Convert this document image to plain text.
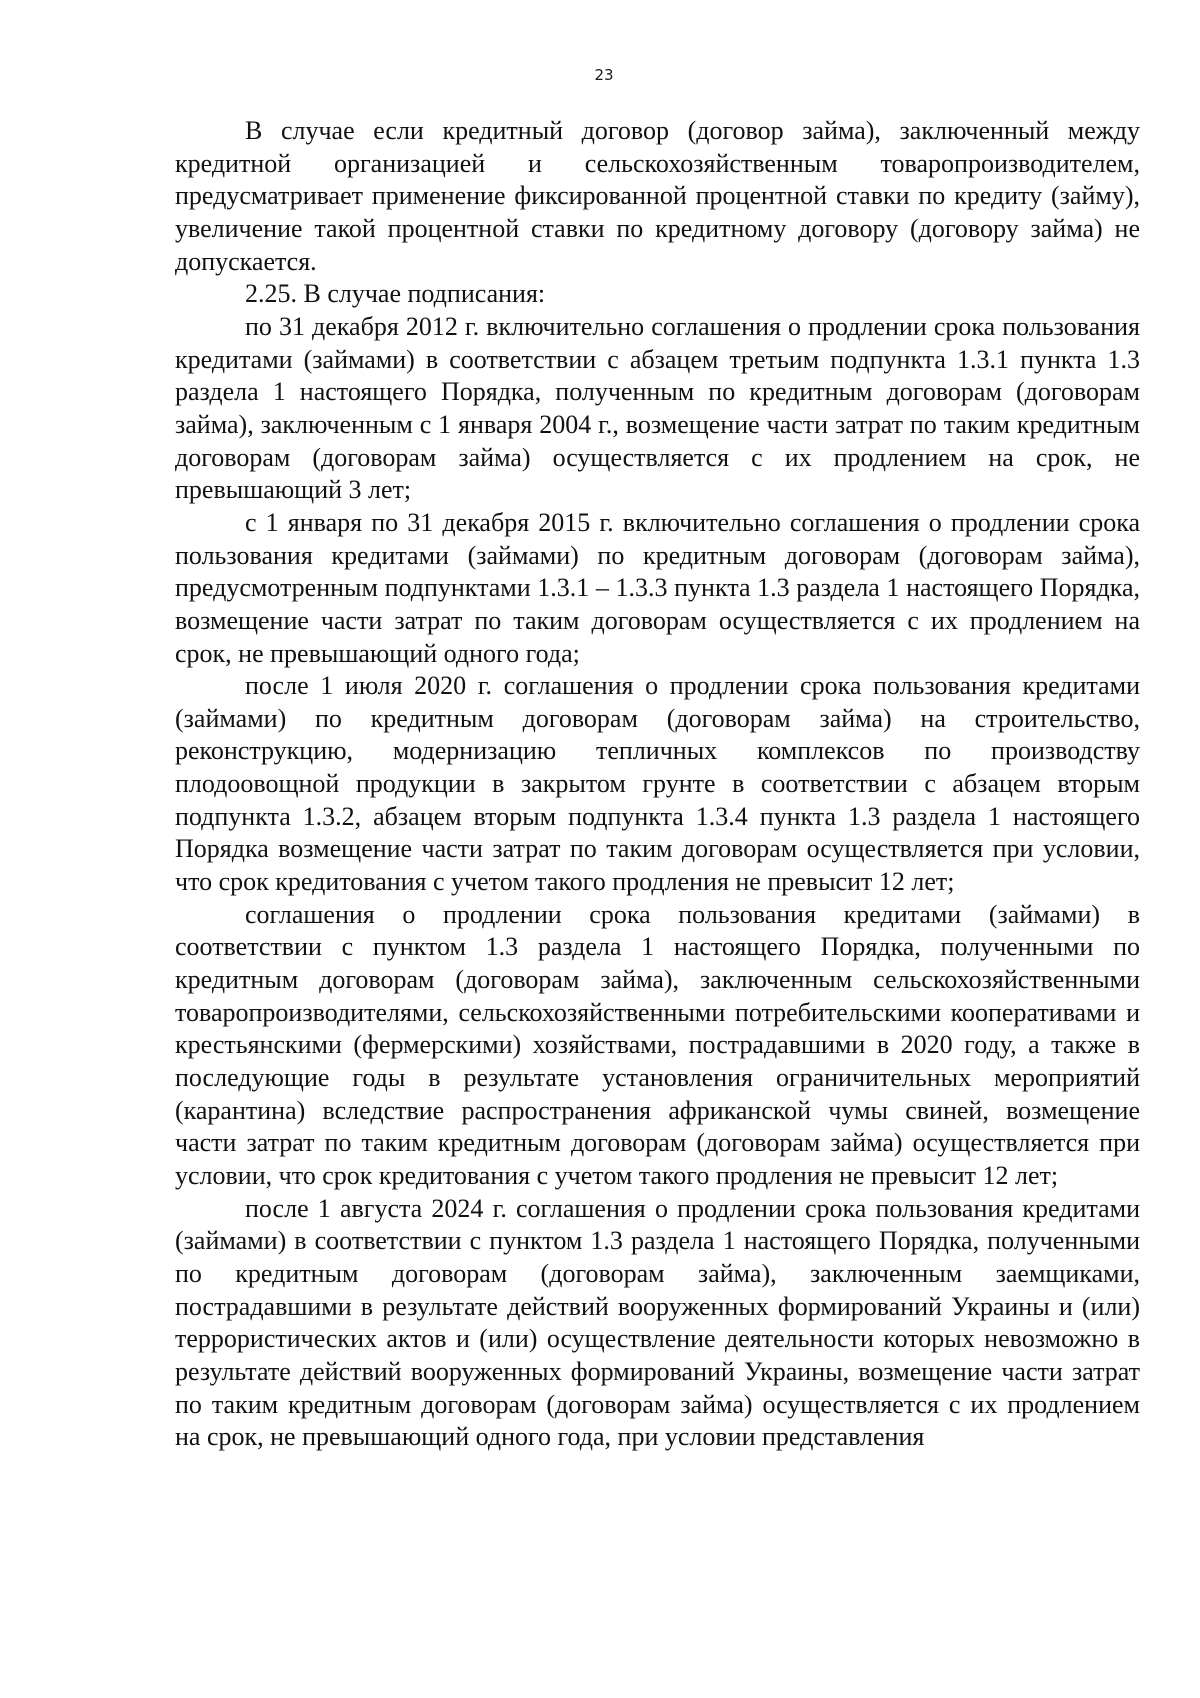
23

В случае если кредитный договор (договор займа), заключенный между кредитной организацией и сельскохозяйственным товаропроизводителем, предусматривает применение фиксированной процентной ставки по кредиту (займу), увеличение такой процентной ставки по кредитному договору (договору займа) не допускается.

2.25. В случае подписания:

по 31 декабря 2012 г. включительно соглашения о продлении срока пользования кредитами (займами) в соответствии с абзацем третьим подпункта 1.3.1 пункта 1.3 раздела 1 настоящего Порядка, полученным по кредитным договорам (договорам займа), заключенным с 1 января 2004 г., возмещение части затрат по таким кредитным договорам (договорам займа) осуществляется с их продлением на срок, не превышающий 3 лет;

с 1 января по 31 декабря 2015 г. включительно соглашения о продлении срока пользования кредитами (займами) по кредитным договорам (договорам займа), предусмотренным подпунктами 1.3.1 – 1.3.3 пункта 1.3 раздела 1 настоящего Порядка, возмещение части затрат по таким договорам осуществляется с их продлением на срок, не превышающий одного года;

после 1 июля 2020 г. соглашения о продлении срока пользования кредитами (займами) по кредитным договорам (договорам займа) на строительство, реконструкцию, модернизацию тепличных комплексов по производству плодоовощной продукции в закрытом грунте в соответствии с абзацем вторым подпункта 1.3.2, абзацем вторым подпункта 1.3.4 пункта 1.3 раздела 1 настоящего Порядка возмещение части затрат по таким договорам осуществляется при условии, что срок кредитования с учетом такого продления не превысит 12 лет;

соглашения о продлении срока пользования кредитами (займами) в соответствии с пунктом 1.3 раздела 1 настоящего Порядка, полученными по кредитным договорам (договорам займа), заключенным сельскохозяйственными товаропроизводителями, сельскохозяйственными потребительскими кооперативами и крестьянскими (фермерскими) хозяйствами, пострадавшими в 2020 году, а также в последующие годы в результате установления ограничительных мероприятий (карантина) вследствие распространения африканской чумы свиней, возмещение части затрат по таким кредитным договорам (договорам займа) осуществляется при условии, что срок кредитования с учетом такого продления не превысит 12 лет;

после 1 августа 2024 г. соглашения о продлении срока пользования кредитами (займами) в соответствии с пунктом 1.3 раздела 1 настоящего Порядка, полученными по кредитным договорам (договорам займа), заключенным заемщиками, пострадавшими в результате действий вооруженных формирований Украины и (или) террористических актов и (или) осуществление деятельности которых невозможно в результате действий вооруженных формирований Украины, возмещение части затрат по таким кредитным договорам (договорам займа) осуществляется с их продлением на срок, не превышающий одного года, при условии представления
